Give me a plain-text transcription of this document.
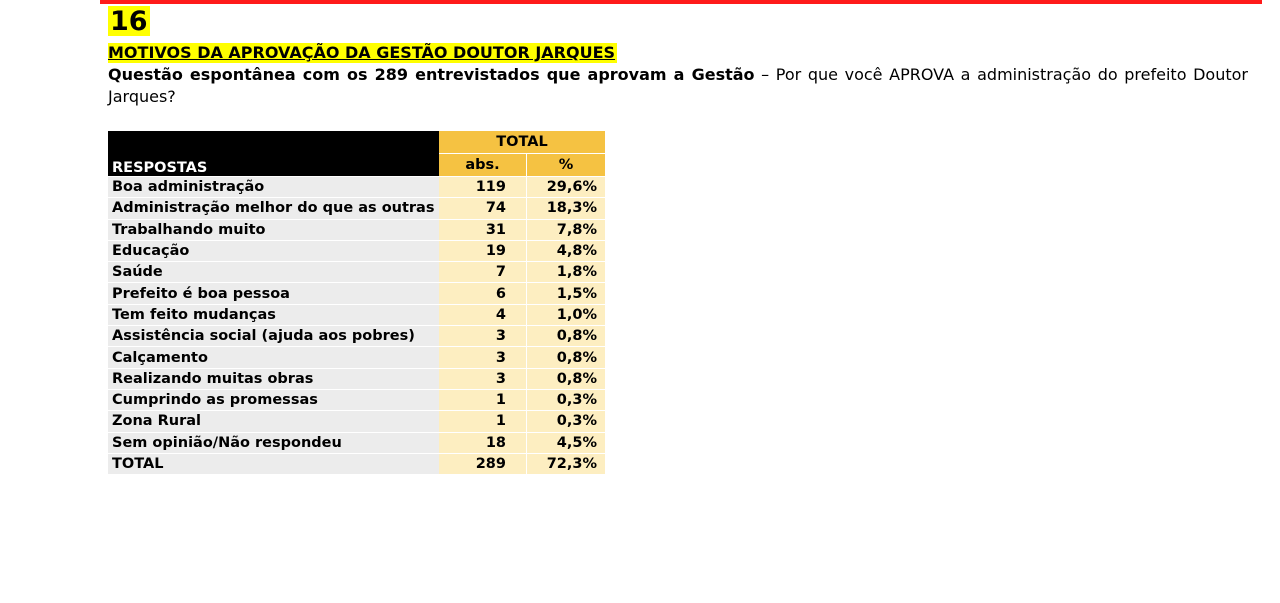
16
MOTIVOS DA APROVAÇÃO DA GESTÃO DOUTOR JARQUES
Questão espontânea com os 289 entrevistados que aprovam a Gestão – Por que você APROVA a administração do prefeito Doutor Jarques?
RESPOSTAS	TOTAL	
	abs.	%
Boa administração	119	29,6%
Administração melhor do que as outras	74	18,3%
Trabalhando muito	31	7,8%
Educação	19	4,8%
Saúde	7	1,8%
Prefeito é boa pessoa	6	1,5%
Tem feito mudanças	4	1,0%
Assistência social (ajuda aos pobres)	3	0,8%
Calçamento	3	0,8%
Realizando muitas obras	3	0,8%
Cumprindo as promessas	1	0,3%
Zona Rural	1	0,3%
Sem opinião/Não respondeu	18	4,5%
TOTAL	289	72,3%
